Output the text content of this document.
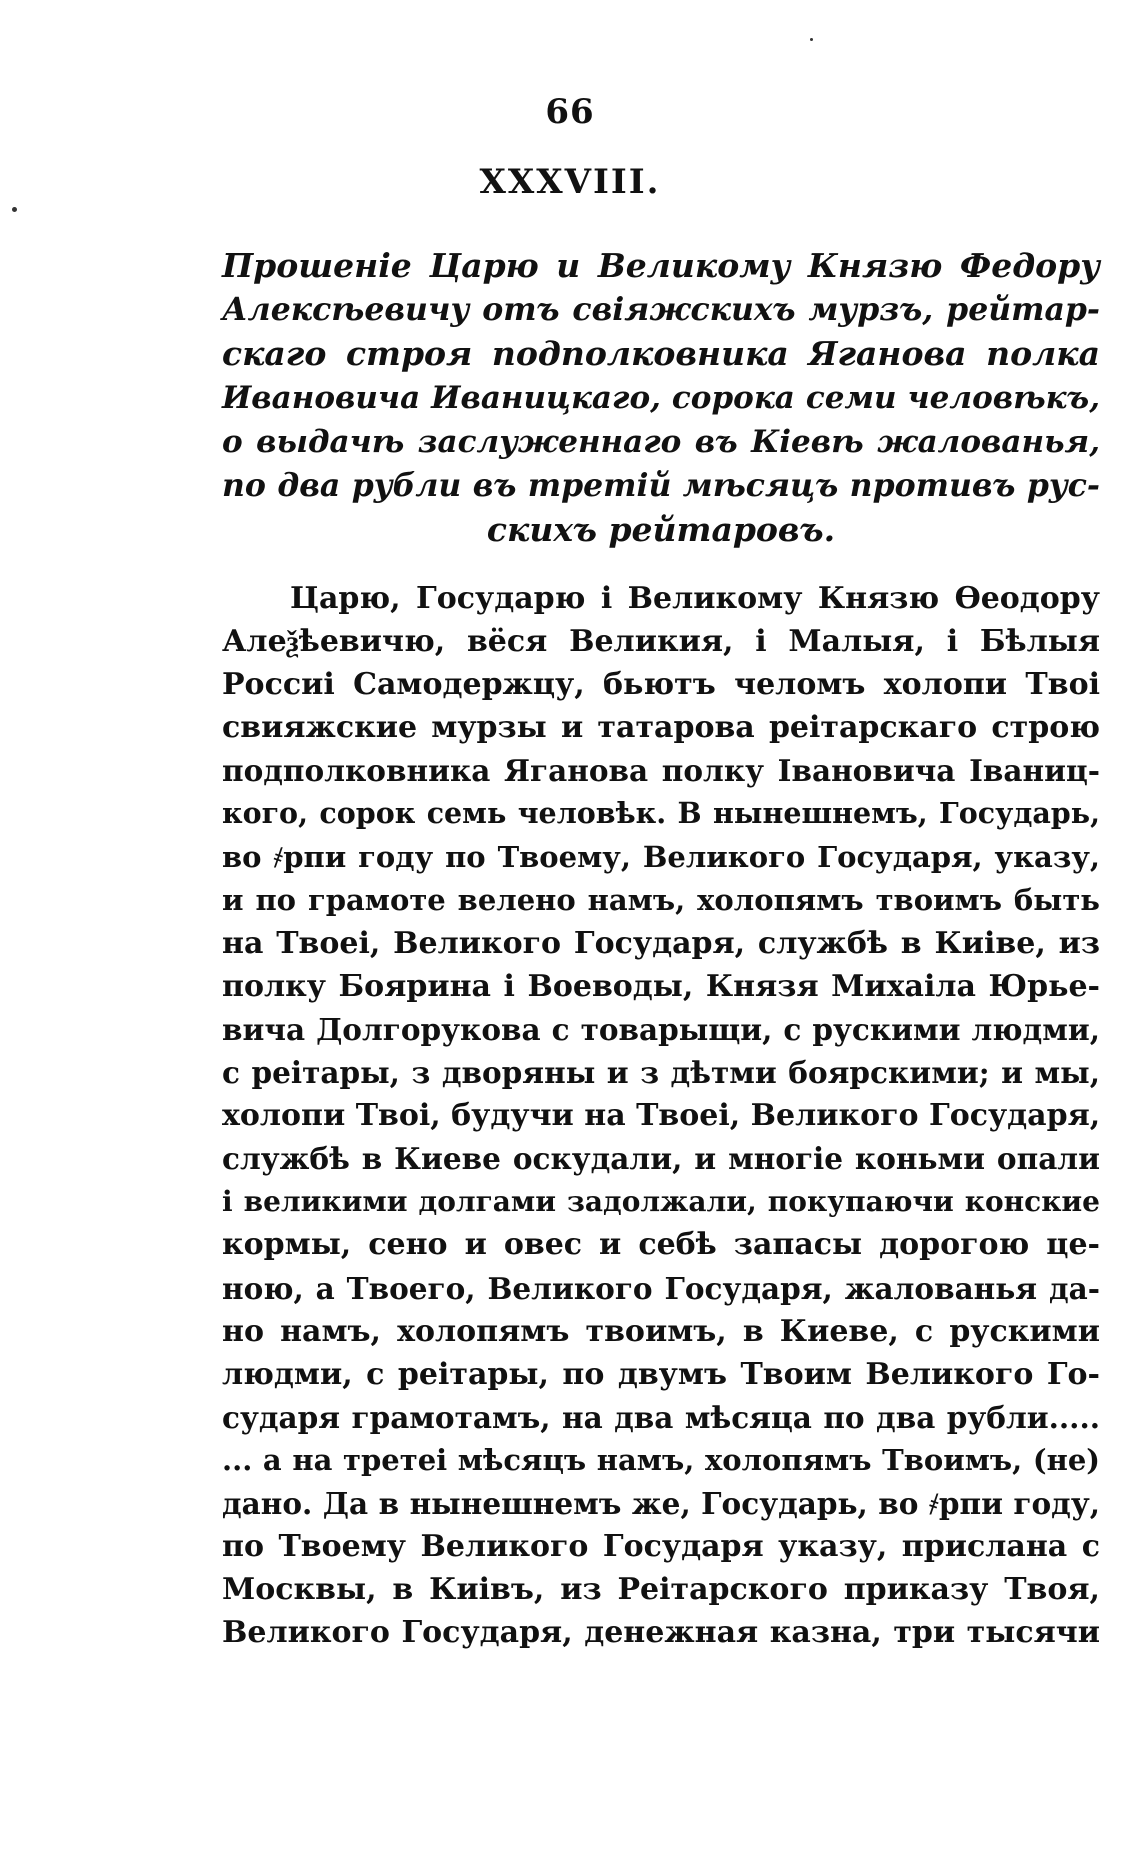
66
XXXVIII.
Прошеніе Царю и Великому Князю Федору
Алексѣевичу отъ свіяжскихъ мурзъ, рейтар-
скаго строя подполковника Яганова полка
Ивановича Иваницкаго, сорока семи человѣкъ,
о выдачѣ заслуженнаго въ Кіевѣ жалованья,
по два рубли въ третій мѣсяцъ противъ рус-
скихъ рейтаровъ.
Царю, Государю і Великому Князю Ѳеодору
Алеѯѣевичю, вёся Великия, і Малыя, і Бѣлыя
Россиі Самодержцу, бьютъ челомъ холопи Твоі
свияжские мурзы и татарова реітарскаго строю
подполковника Яганова полку Івановича Іваниц-
кого, сорок семь человѣк. В нынешнемъ, Государь,
во ҂рпи году по Твоему, Великого Государя, указу,
и по грамоте велено намъ, холопямъ твоимъ быть
на Твоеі, Великого Государя, службѣ в Киіве, из
полку Боярина і Воеводы, Князя Михаіла Юрье-
вича Долгорукова с товарыщи, с рускими людми,
с реітары, з дворяны и з дѣтми боярскими; и мы,
холопи Твоі, будучи на Твоеі, Великого Государя,
службѣ в Киеве оскудали, и многіе коньми опали
і великими долгами задолжали, покупаючи конские
кормы, сено и овес и себѣ запасы дорогою це-
ною, а Твоего, Великого Государя, жалованья да-
но намъ, холопямъ твоимъ, в Киеве, с рускими
людми, с реітары, по двумъ Твоим Великого Го-
сударя грамотамъ, на два мѣсяца по два рубли.....
... а на третеі мѣсяцъ намъ, холопямъ Твоимъ, (не)
дано. Да в нынешнемъ же, Государь, во ҂рпи году,
по Твоему Великого Государя указу, прислана с
Москвы, в Киівъ, из Реітарского приказу Твоя,
Великого Государя, денежная казна, три тысячи
